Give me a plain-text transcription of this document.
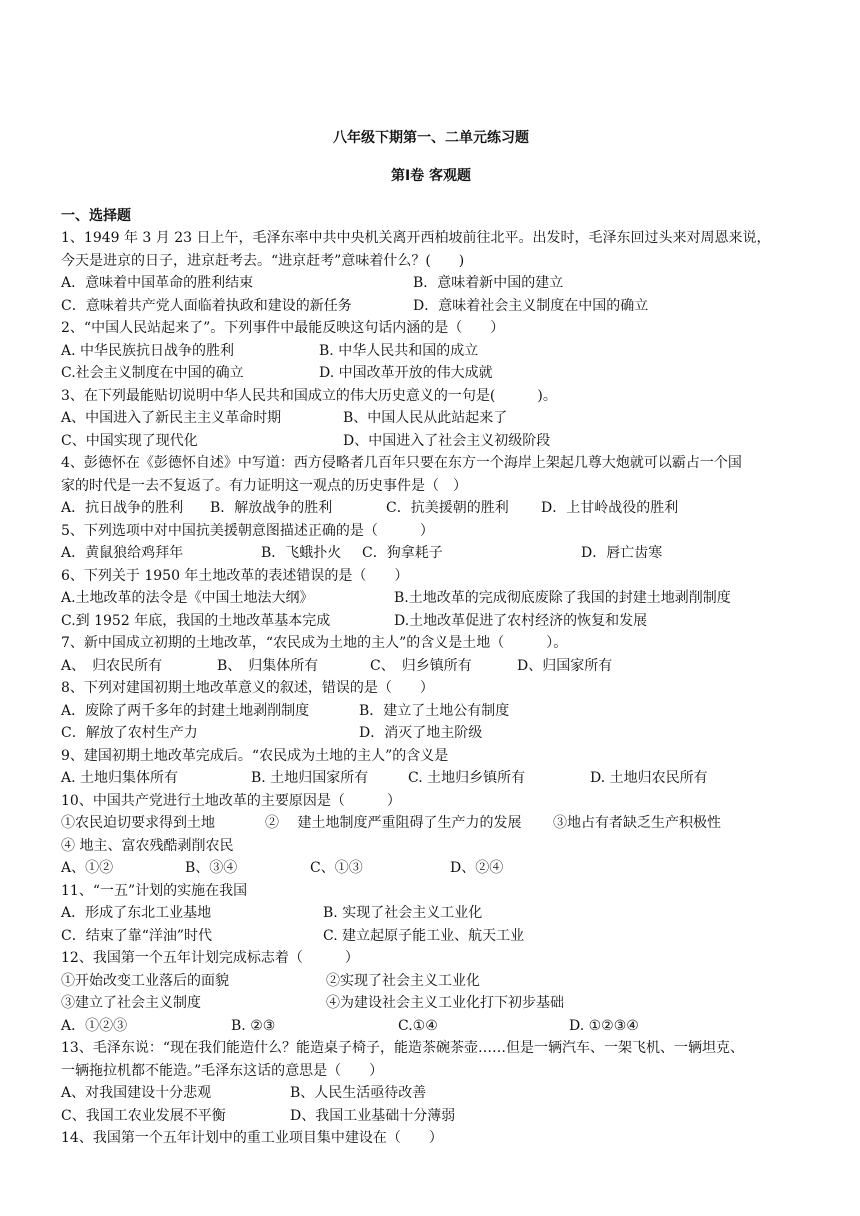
八年级下期第一、二单元练习题
第Ⅰ卷 客观题
一、选择题
1、1949 年 3 月 23 日上午，毛泽东率中共中央机关离开西柏坡前往北平。出发时，毛泽东回过头来对周恩来说，
今天是进京的日子，进京赶考去。“进京赶考”意味着什么？(　　)
A．意味着中国革命的胜利结束	B．意味着新中国的建立
C．意味着共产党人面临着执政和建设的新任务	D．意味着社会主义制度在中国的确立
2、“中国人民站起来了”。下列事件中最能反映这句话内涵的是（　　）
A. 中华民族抗日战争的胜利	B. 中华人民共和国的成立
C.社会主义制度在中国的确立	D. 中国改革开放的伟大成就
3、在下列最能贴切说明中华人民共和国成立的伟大历史意义的一句是(　　　)。
A、中国进入了新民主主义革命时期	B、中国人民从此站起来了
C、中国实现了现代化	D、中国进入了社会主义初级阶段
4、彭德怀在《彭德怀自述》中写道：西方侵略者几百年只要在东方一个海岸上架起几尊大炮就可以霸占一个国
家的时代是一去不复返了。有力证明这一观点的历史事件是（　）
A．抗日战争的胜利 B．解放战争的胜利	C．抗美援朝的胜利 D．上甘岭战役的胜利
5、下列选项中对中国抗美援朝意图描述正确的是（　　　）
A．黄鼠狼给鸡拜年	B．飞蛾扑火 C．狗拿耗子	D．唇亡齿寒
6、下列关于 1950 年土地改革的表述错误的是（　　）
A.土地改革的法令是《中国土地法大纲》	B.土地改革的完成彻底废除了我国的封建土地剥削制度
C.到 1952 年底，我国的土地改革基本完成	D.土地改革促进了农村经济的恢复和发展
7、新中国成立初期的土地改革，“农民成为土地的主人”的含义是土地（　　　）。
A、　归农民所有	B、　归集体所有	C、　归乡镇所有	D、归国家所有
8、下列对建国初期土地改革意义的叙述，错误的是（　　）
A．废除了两千多年的封建土地剥削制度	B．建立了土地公有制度
C．解放了农村生产力	D．消灭了地主阶级
9、建国初期土地改革完成后。“农民成为土地的主人”的含义是
A. 土地归集体所有	B. 土地归国家所有	C. 土地归乡镇所有	D. 土地归农民所有
10、中国共产党进行土地改革的主要原因是（　　　）
①农民迫切要求得到土地	②　 建土地制度严重阻碍了生产力的发展 ③地占有者缺乏生产积极性
④ 地主、富农残酷剥削农民
A、①②	B、③④	C、①③	D、②④
11、“一五”计划的实施在我国
A．形成了东北工业基地	B. 实现了社会主义工业化
C．结束了靠“洋油”时代	C. 建立起原子能工业、航天工业
12、我国第一个五年计划完成标志着（　　　）
①开始改变工业落后的面貌	②实现了社会主义工业化
③建立了社会主义制度	④为建设社会主义工业化打下初步基础
A．①②③	B. ②③	C.①④	D. ①②③④
13、毛泽东说：“现在我们能造什么？能造桌子椅子，能造茶碗茶壶……但是一辆汽车、一架飞机、一辆坦克、
一辆拖拉机都不能造。”毛泽东这话的意思是（　　）
A、对我国建设十分悲观	B、人民生活亟待改善
C、我国工农业发展不平衡	D、我国工业基础十分薄弱
14、我国第一个五年计划中的重工业项目集中建设在（　　）
